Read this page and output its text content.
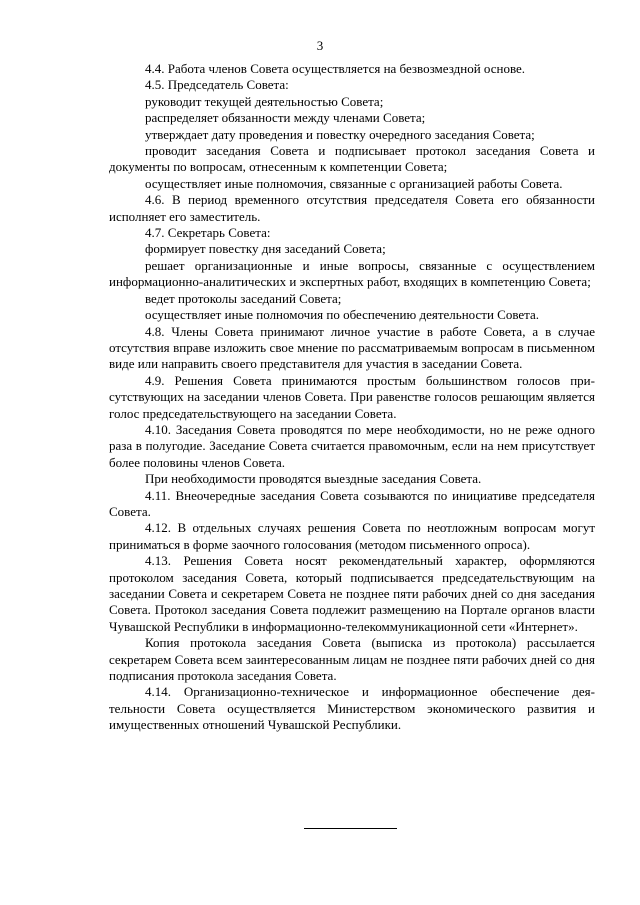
3

4.4. Работа членов Совета осуществляется на безвозмездной основе.

4.5. Председатель Совета:

руководит текущей деятельностью Совета;

распределяет обязанности между членами Совета;

утверждает дату проведения и повестку очередного заседания Совета;

проводит заседания Совета и подписывает протокол заседания Совета и документы по вопросам, отнесенным к компетенции Совета;

осуществляет иные полномочия, связанные с организацией работы Совета.

4.6. В период временного отсутствия председателя Совета его обязанности исполняет его заместитель.

4.7. Секретарь Совета:

формирует повестку дня заседаний Совета;

решает организационные и иные вопросы, связанные с осуществлением информационно-аналитических и экспертных работ, входящих в компетенцию Совета;

ведет протоколы заседаний Совета;

осуществляет иные полномочия по обеспечению деятельности Совета.

4.8. Члены Совета принимают личное участие в работе Совета, а в случае отсутствия вправе изложить свое мнение по рассматриваемым вопросам в письменном виде или направить своего представителя для участия в заседании Совета.

4.9. Решения Совета принимаются простым большинством голосов присутствующих на заседании членов Совета. При равенстве голосов решающим является голос председательствующего на заседании Совета.

4.10. Заседания Совета проводятся по мере необходимости, но не реже одного раза в полугодие. Заседание Совета считается правомочным, если на нем присутствует более половины членов Совета.

При необходимости проводятся выездные заседания Совета.

4.11. Внеочередные заседания Совета созываются по инициативе председателя Совета.

4.12. В отдельных случаях решения Совета по неотложным вопросам могут приниматься в форме заочного голосования (методом письменного опроса).

4.13. Решения Совета носят рекомендательный характер, оформляются протоколом заседания Совета, который подписывается председательствующим на заседании Совета и секретарем Совета не позднее пяти рабочих дней со дня заседания Совета. Протокол заседания Совета подлежит размещению на Портале органов власти Чувашской Республики в информационно-телекоммуникационной сети «Интернет».

Копия протокола заседания Совета (выписка из протокола) рассылается секретарем Совета всем заинтересованным лицам не позднее пяти рабочих дней со дня подписания протокола заседания Совета.

4.14. Организационно-техническое и информационное обеспечение деятельности Совета осуществляется Министерством экономического развития и имущественных отношений Чувашской Республики.
